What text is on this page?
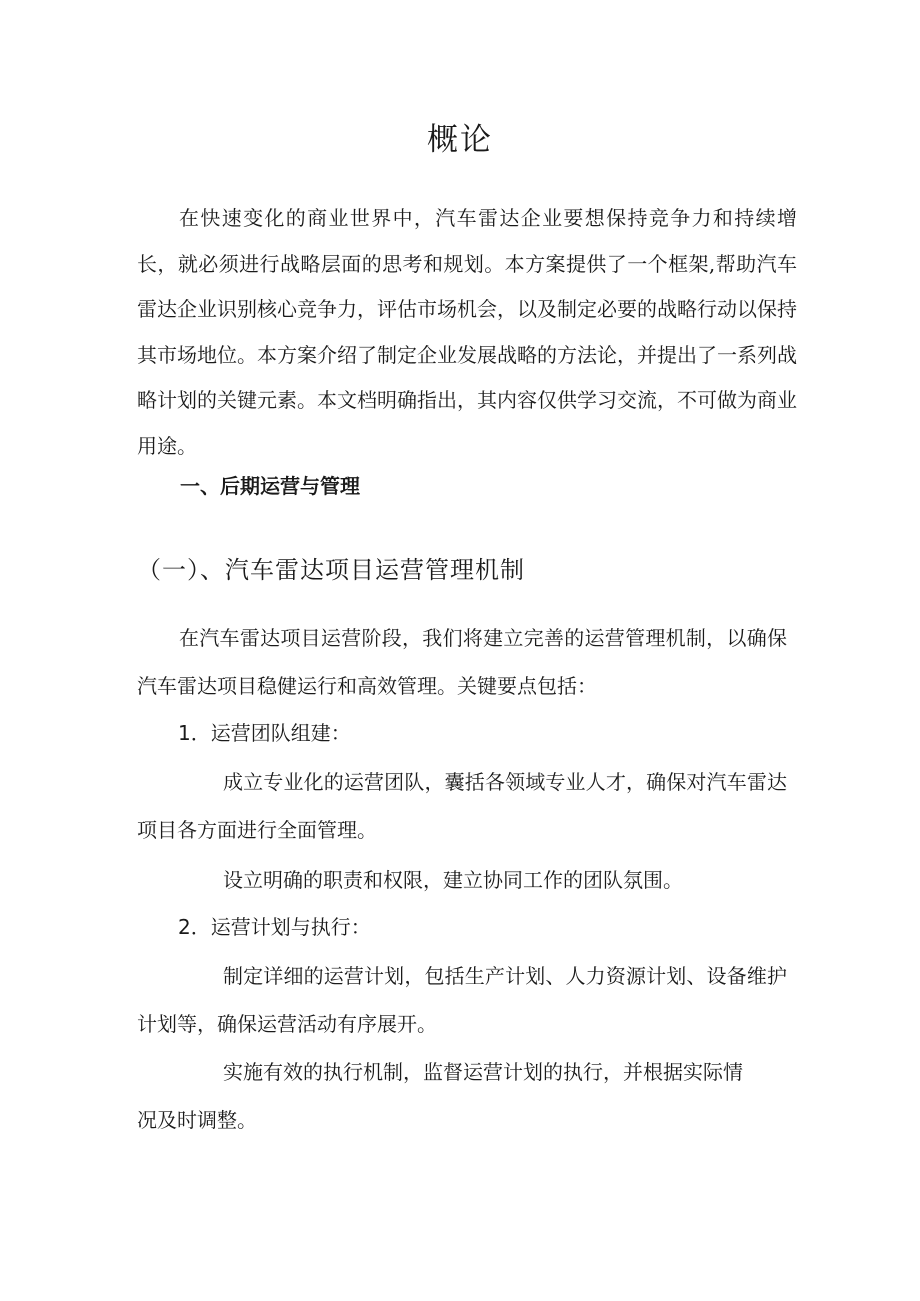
概论

在快速变化的商业世界中，汽车雷达企业要想保持竞争力和持续增长，就必须进行战略层面的思考和规划。本方案提供了一个框架,帮助汽车雷达企业识别核心竞争力，评估市场机会，以及制定必要的战略行动以保持其市场地位。本方案介绍了制定企业发展战略的方法论，并提出了一系列战略计划的关键元素。本文档明确指出，其内容仅供学习交流，不可做为商业用途。

一、后期运营与管理
（一）、汽车雷达项目运营管理机制

在汽车雷达项目运营阶段，我们将建立完善的运营管理机制，以确保汽车雷达项目稳健运行和高效管理。关键要点包括：

1．运营团队组建：

成立专业化的运营团队，囊括各领域专业人才，确保对汽车雷达项目各方面进行全面管理。

设立明确的职责和权限，建立协同工作的团队氛围。

2．运营计划与执行：

制定详细的运营计划，包括生产计划、人力资源计划、设备维护计划等，确保运营活动有序展开。

实施有效的执行机制，监督运营计划的执行，并根据实际情况及时调整。
